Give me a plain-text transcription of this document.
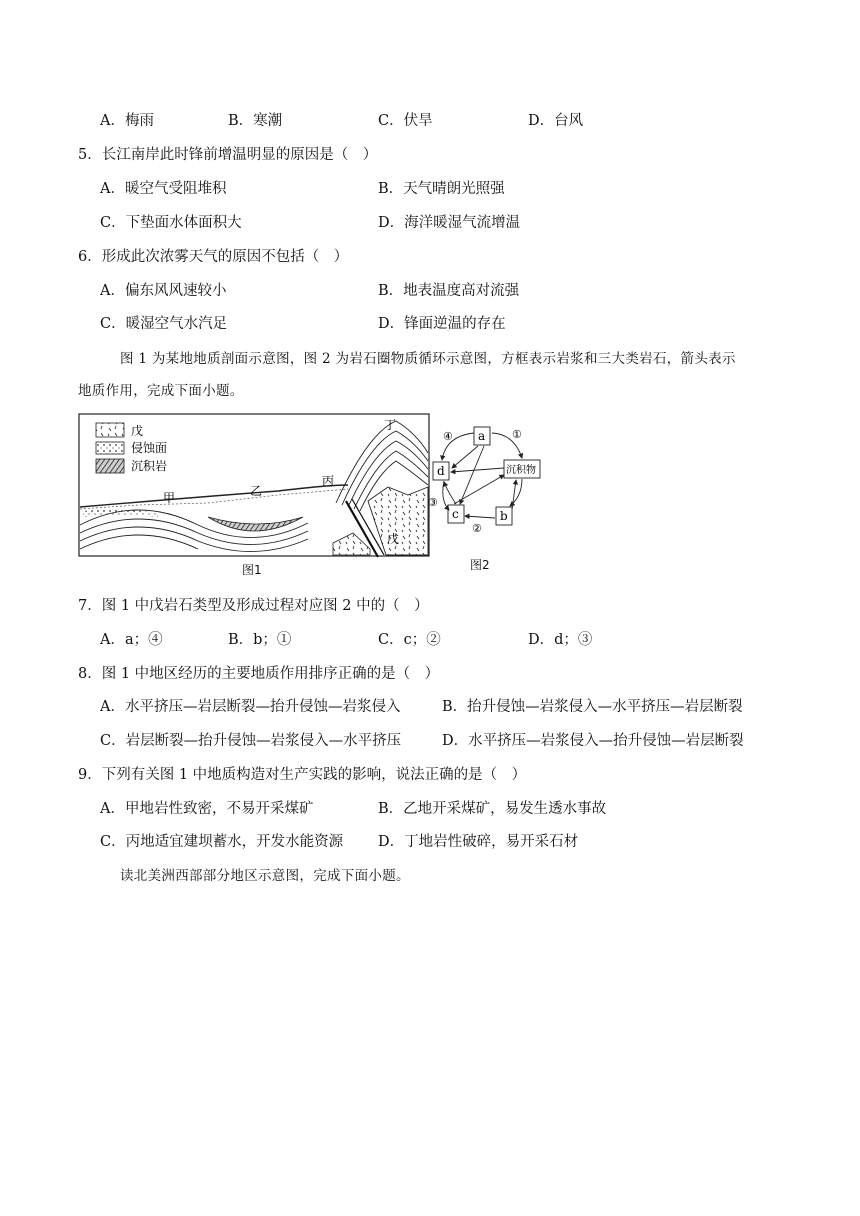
A．梅雨	B．寒潮	C．伏旱	D．台风
5．长江南岸此时锋前增温明显的原因是（　）
A．暖空气受阻堆积	B．天气晴朗光照强
C．下垫面水体面积大	D．海洋暖湿气流增温
6．形成此次浓雾天气的原因不包括（　）
A．偏东风风速较小	B．地表温度高对流强
C．暖湿空气水汽足	D．锋面逆温的存在
图 1 为某地地质剖面示意图，图 2 为岩石圈物质循环示意图，方框表示岩浆和三大类岩石，箭头表示
地质作用，完成下面小题。
戊
侵蚀面
沉积岩
甲	乙
丙
丁
戊
图1
a
d	沉积物
c	b
④	①
③
②
图2
7．图 1 中戊岩石类型及形成过程对应图 2 中的（　）
A．a；④	B．b；①	C．c；②	D．d；③
8．图 1 中地区经历的主要地质作用排序正确的是（　）
A．水平挤压—岩层断裂—抬升侵蚀—岩浆侵入	B．抬升侵蚀—岩浆侵入—水平挤压—岩层断裂
C．岩层断裂—抬升侵蚀—岩浆侵入—水平挤压	D．水平挤压—岩浆侵入—抬升侵蚀—岩层断裂
9．下列有关图 1 中地质构造对生产实践的影响，说法正确的是（　）
A．甲地岩性致密，不易开采煤矿	B．乙地开采煤矿，易发生透水事故
C．丙地适宜建坝蓄水，开发水能资源 D．丁地岩性破碎，易开采石材
读北美洲西部部分地区示意图，完成下面小题。
